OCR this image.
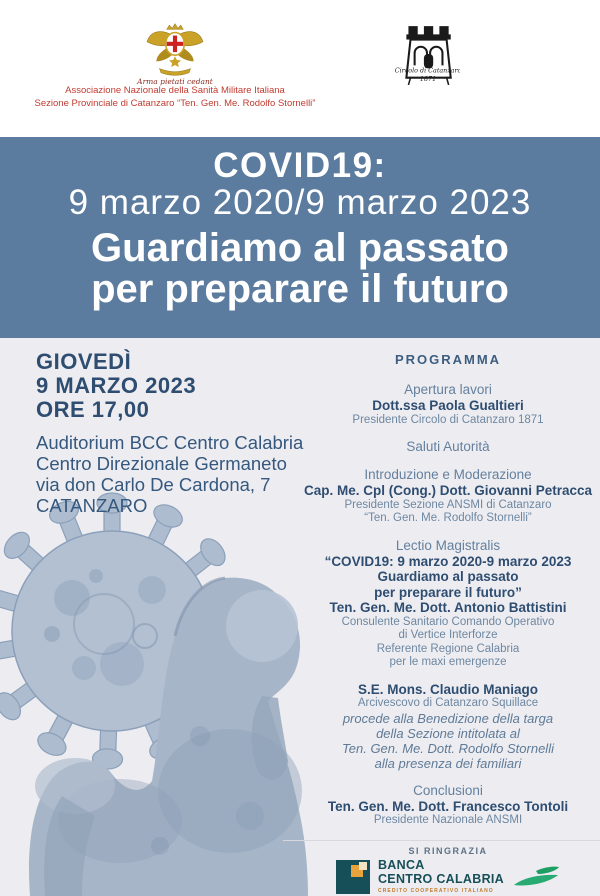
Arma pietati cedant
Associazione Nazionale della Sanità Militare Italiana
Sezione Provinciale di Catanzaro “Ten. Gen. Me. Rodolfo Stornelli”
Circolo di Catanzaro
1871
COVID19:
9 marzo 2020/9 marzo 2023
Guardiamo al passato
per preparare il futuro
GIOVEDÌ
9 MARZO 2023
ORE 17,00
Auditorium BCC Centro Calabria
Centro Direzionale Germaneto
via don Carlo De Cardona, 7
CATANZARO
PROGRAMMA
Apertura lavori
Dott.ssa Paola Gualtieri
Presidente Circolo di Catanzaro 1871
Saluti Autorità
Introduzione e Moderazione
Cap. Me. Cpl (Cong.) Dott. Giovanni Petracca
Presidente Sezione ANSMI di Catanzaro
“Ten. Gen. Me. Rodolfo Stornelli”
Lectio Magistralis
“COVID19: 9 marzo 2020-9 marzo 2023
Guardiamo al passato
per preparare il futuro”
Ten. Gen. Me. Dott. Antonio Battistini
Consulente Sanitario Comando Operativo
di Vertice Interforze
Referente Regione Calabria
per le maxi emergenze
S.E. Mons. Claudio Maniago
Arcivescovo di Catanzaro Squillace
procede alla Benedizione della targa
della Sezione intitolata al
Ten. Gen. Me. Dott. Rodolfo Stornelli
alla presenza dei familiari
Conclusioni
Ten. Gen. Me. Dott. Francesco Tontoli
Presidente Nazionale ANSMI
SI RINGRAZIA
BANCA
CENTRO CALABRIA
CREDITO COOPERATIVO ITALIANO
